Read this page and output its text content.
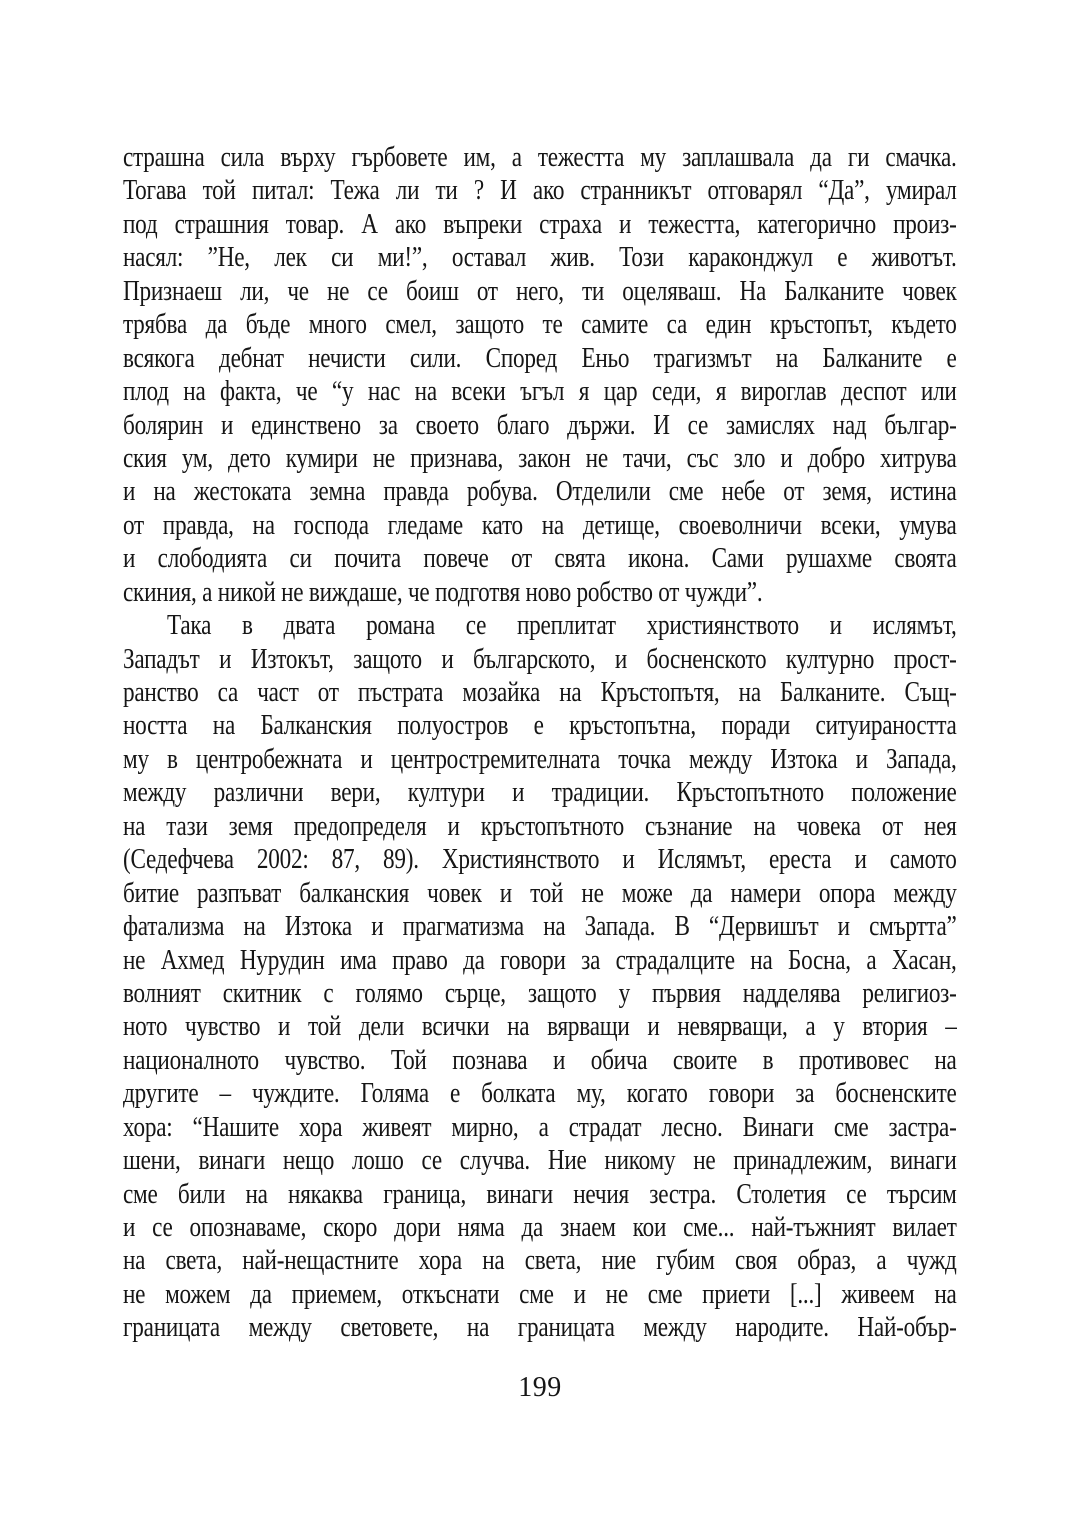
страшна сила върху гърбовете им, а тежестта му заплашвала да ги смачка.
Тогава той питал: Тежа ли ти ? И ако странникът отговарял “Да”, умирал
под страшния товар. А ако въпреки страха и тежестта, категорично произ-
насял: ”Не, лек си ми!”, оставал жив. Този караконджул е животът.
Признаеш ли, че не се боиш от него, ти оцеляваш. На Балканите човек
трябва да бъде много смел, защото те самите са един кръстопът, където
всякога дебнат нечисти сили. Според Еньо трагизмът на Балканите е
плод на факта, че “у нас на всеки ъгъл я цар седи, я вироглав деспот или
болярин и единствено за своето благо държи. И се замислях над българ-
ския ум, дето кумири не признава, закон не тачи, със зло и добро хитрува
и на жестоката земна правда робува. Отделили сме небе от земя, истина
от правда, на господа гледаме като на детище, своеволничи всеки, умува
и слободията си почита повече от свята икона. Сами рушахме своята
скиния, а никой не виждаше, че подготвя ново робство от чужди”.
Така в двата романа се преплитат християнството и ислямът,
Западът и Изтокът, защото и българското, и босненското културно прост-
ранство са част от пъстрата мозайка на Кръстопътя, на Балканите. Същ-
ността на Балканския полуостров е кръстопътна, поради ситуираността
му в центробежната и центростремителната точка между Изтока и Запада,
между различни вери, култури и традиции. Кръстопътното положение
на тази земя предопределя и кръстопътното съзнание на човека от нея
(Седефчева 2002: 87, 89). Християнството и Ислямът, ереста и самото
битие разпъват балканския човек и той не може да намери опора между
фатализма на Изтока и прагматизма на Запада. В “Дервишът и смъртта”
не Ахмед Нурудин има право да говори за страдалците на Босна, а Хасан,
волният скитник с голямо сърце, защото у първия надделява религиоз-
ното чувство и той дели всички на вярващи и невярващи, а у втория –
националното чувство. Той познава и обича своите в противовес на
другите – чуждите. Голяма е болката му, когато говори за босненските
хора: “Нашите хора живеят мирно, а страдат лесно. Винаги сме застра-
шени, винаги нещо лошо се случва. Ние никому не принадлежим, винаги
сме били на някаква граница, винаги нечия зестра. Столетия се търсим
и се опознаваме, скоро дори няма да знаем кои сме... най-тъжният вилает
на света, най-нещастните хора на света, ние губим своя образ, а чужд
не можем да приемем, откъснати сме и не сме приети [...] живеем на
границата между световете, на границата между народите. Най-обър-
199
